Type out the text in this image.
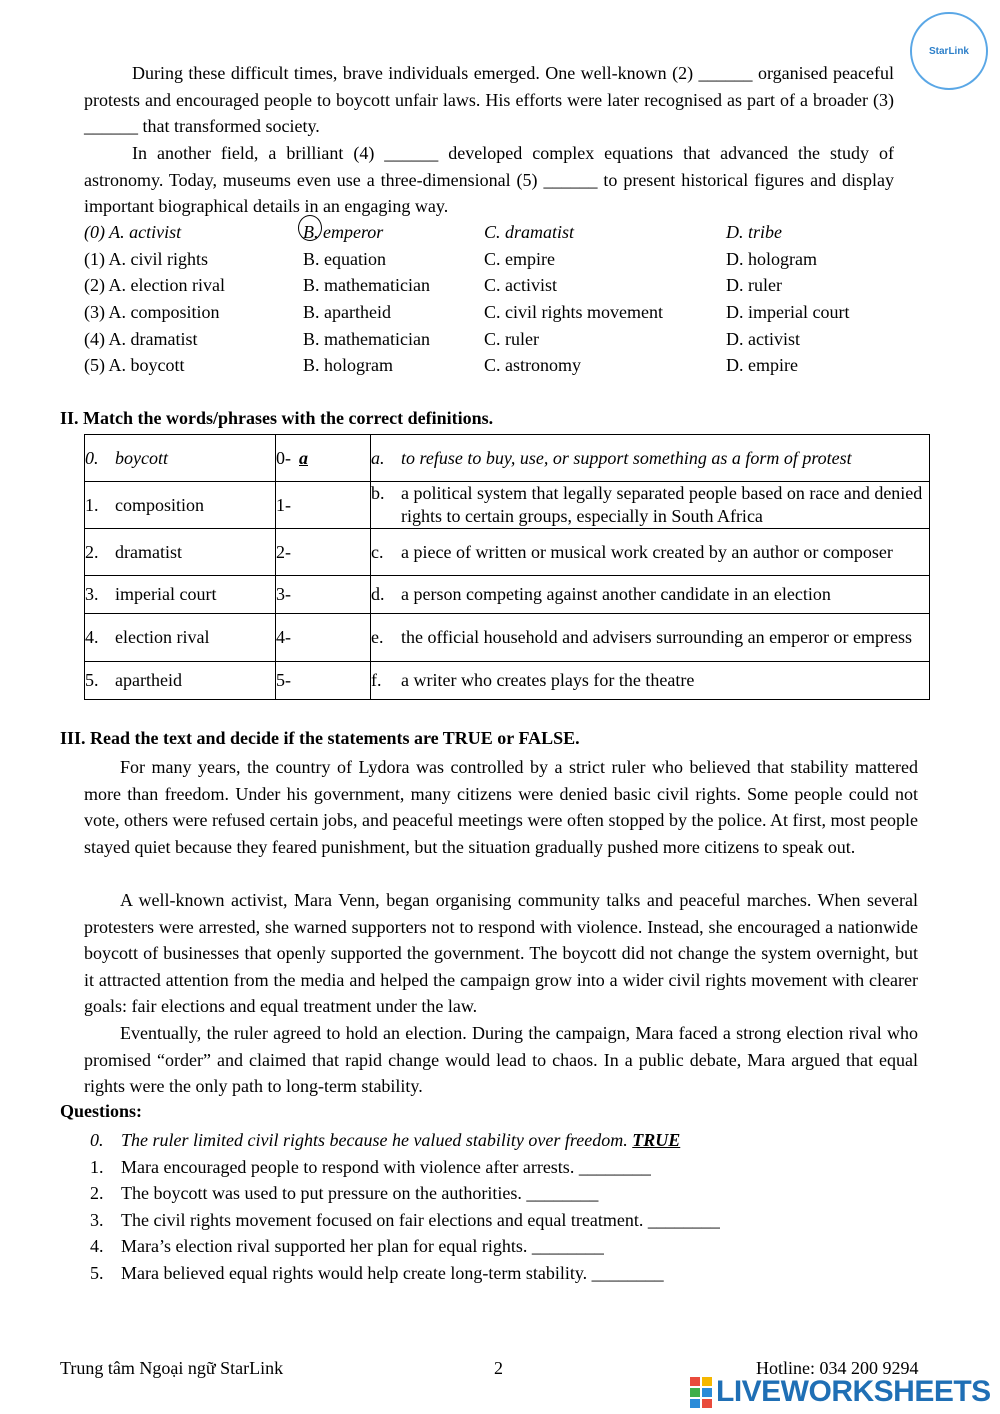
StarLink

During these difficult times, brave individuals emerged. One well-known (2) ______ organised peaceful protests and encouraged people to boycott unfair laws. His efforts were later recognised as part of a broader (3) ______ that transformed society.

In another field, a brilliant (4) ______ developed complex equations that advanced the study of astronomy. Today, museums even use a three-dimensional (5) ______ to present historical figures and display important biographical details in an engaging way.

(0) A. activist	B. emperor	C. dramatist	D. tribe
(1) A. civil rights	B. equation	C. empire	D. hologram
(2) A. election rival	B. mathematician	C. activist	D. ruler
(3) A. composition	B. apartheid	C. civil rights movement	D. imperial court
(4) A. dramatist	B. mathematician	C. ruler	D. activist
(5) A. boycott	B. hologram	C. astronomy	D. empire
II. Match the words/phrases with the correct definitions.
0. boycott	0- a	a. to refuse to buy, use, or support something as a form of protest

1. composition	1-	b. a political system that legally separated people based on race and denied rights to certain groups, especially in South Africa

2. dramatist	2-	c. a piece of written or musical work created by an author or composer

3. imperial court	3-	d. a person competing against another candidate in an election

4. election rival	4-	e. the official household and advisers surrounding an emperor or empress

5. apartheid	5-	f. a writer who creates plays for the theatre
III. Read the text and decide if the statements are TRUE or FALSE.

For many years, the country of Lydora was controlled by a strict ruler who believed that stability mattered more than freedom. Under his government, many citizens were denied basic civil rights. Some people could not vote, others were refused certain jobs, and peaceful meetings were often stopped by the police. At first, most people stayed quiet because they feared punishment, but the situation gradually pushed more citizens to speak out.

A well-known activist, Mara Venn, began organising community talks and peaceful marches. When several protesters were arrested, she warned supporters not to respond with violence. Instead, she encouraged a nationwide boycott of businesses that openly supported the government. The boycott did not change the system overnight, but it attracted attention from the media and helped the campaign grow into a wider civil rights movement with clearer goals: fair elections and equal treatment under the law.

Eventually, the ruler agreed to hold an election. During the campaign, Mara faced a strong election rival who promised “order” and claimed that rapid change would lead to chaos. In a public debate, Mara argued that equal rights were the only path to long-term stability.

Questions:
0. The ruler limited civil rights because he valued stability over freedom. TRUE
1. Mara encouraged people to respond with violence after arrests. ________
2. The boycott was used to put pressure on the authorities. ________
3. The civil rights movement focused on fair elections and equal treatment. ________
4. Mara’s election rival supported her plan for equal rights. ________
5. Mara believed equal rights would help create long-term stability. ________
Trung tâm Ngoại ngữ StarLink	2	Hotline: 034 200 9294
LIVEWORKSHEETS
